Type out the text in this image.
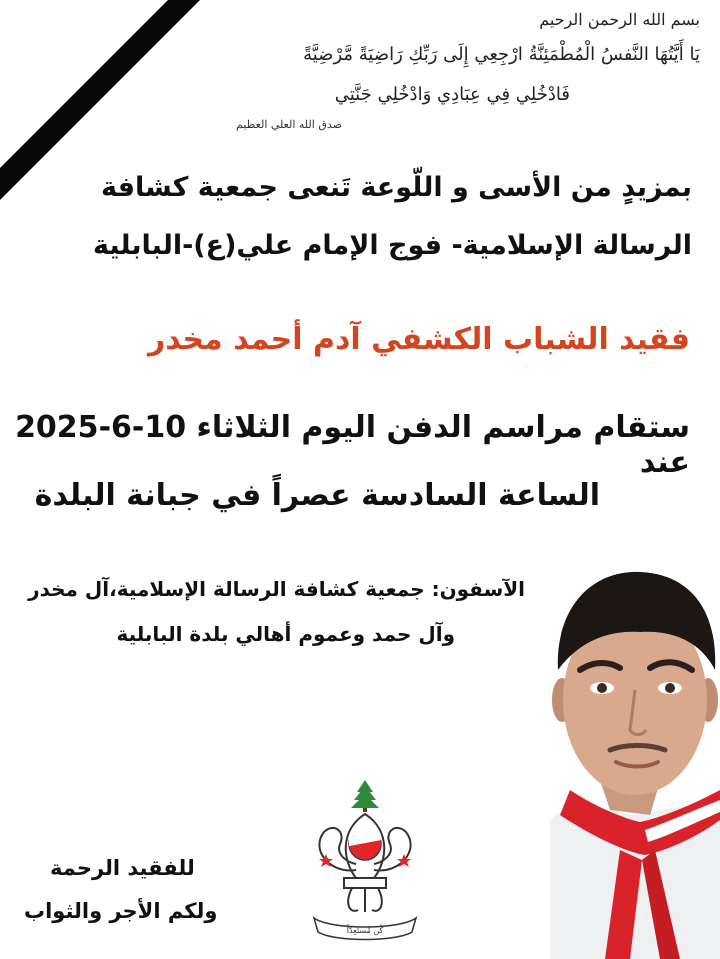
بسم الله الرحمن الرحيم
يَا أَيَّتُهَا النَّفسُ الْمُطْمَئِنَّةُ ارْجِعِي إِلَى رَبِّكِ رَاضِيَةً مَّرْضِيَّةً
فَادْخُلِي فِي عِبَادِي وَادْخُلِي جَنَّتِي
صدق الله العلي العظيم
بمزيدٍ من الأسى و اللّوعة تَنعى جمعية كشافة
الرسالة الإسلامية- فوج الإمام علي(ع)-البابلية
فقيد الشباب الكشفي آدم أحمد مخدر
ستقام مراسم الدفن اليوم الثلاثاء 10-6-2025 عند
الساعة السادسة عصراً في جبانة البلدة
الآسفون: جمعية كشافة الرسالة الإسلامية،آل مخدر
وآل حمد وعموم أهالي بلدة البابلية
للفقيد الرحمة
ولكم الأجر والثواب
كُن مُستَعِدّاً
